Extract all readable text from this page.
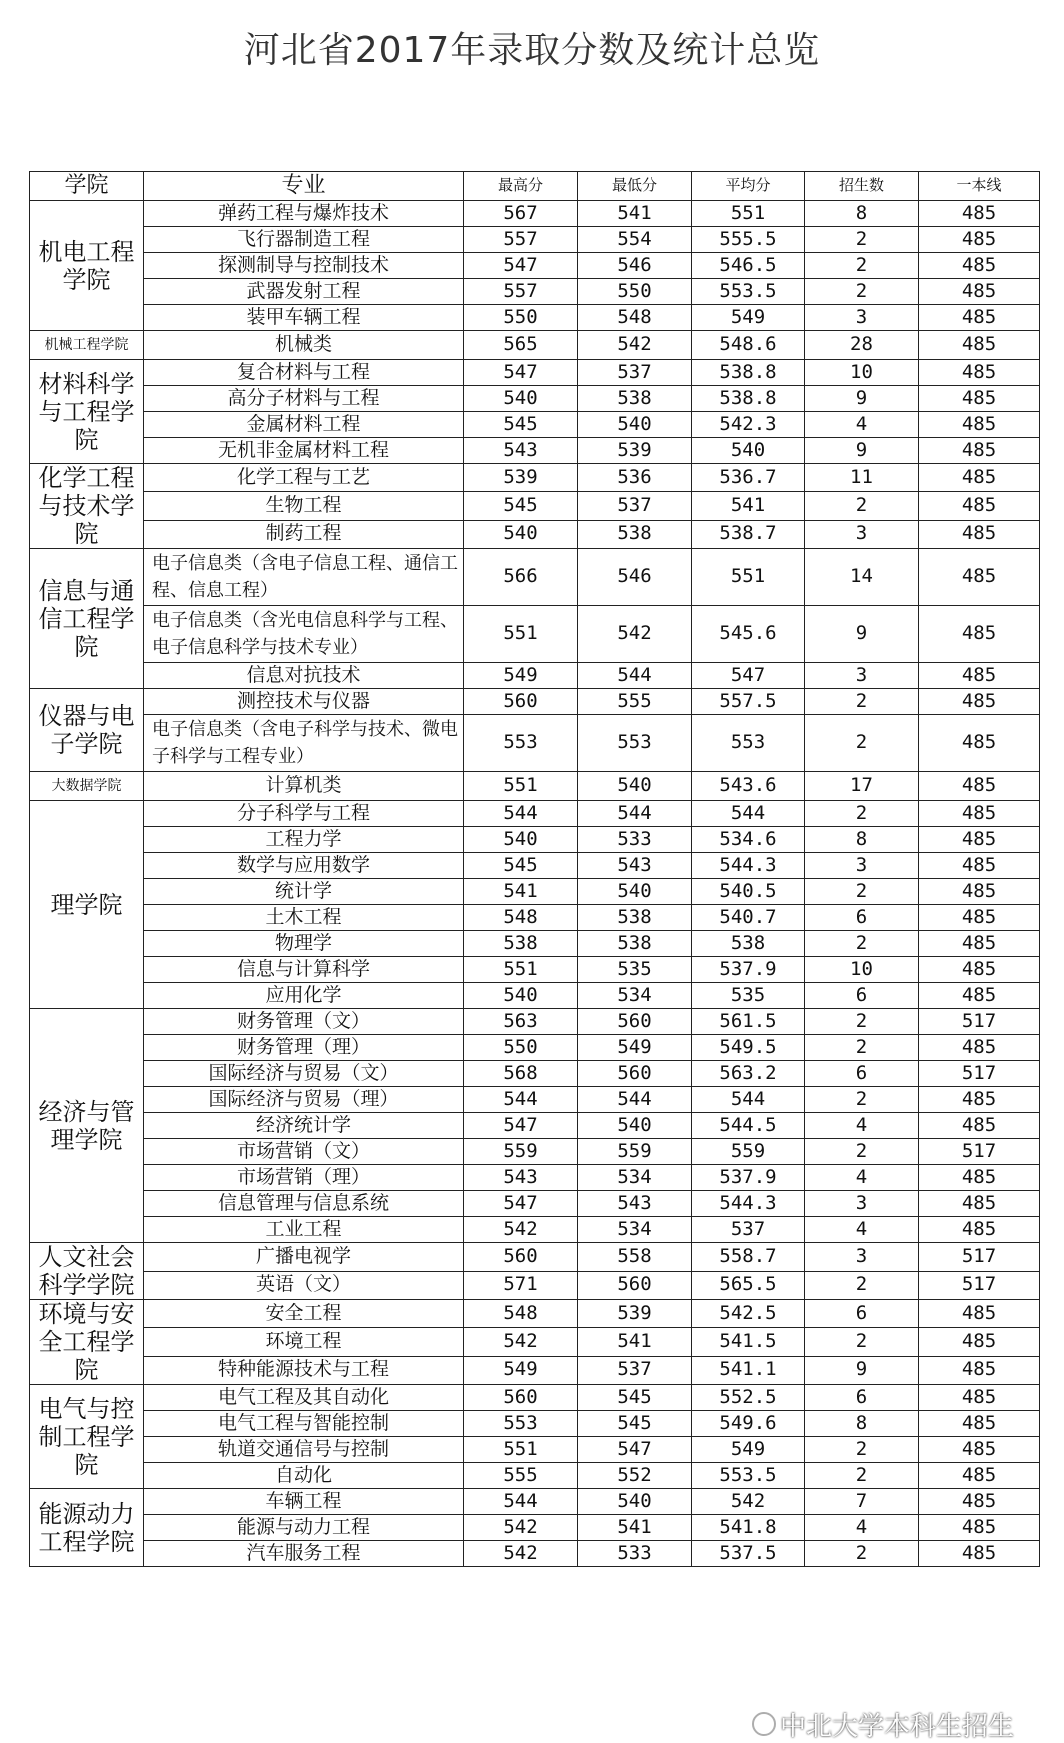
河北省2017年录取分数及统计总览
学院	专业	最高分	最低分	平均分	招生数	一本线
机电工程学院	弹药工程与爆炸技术	567	541	551	8	485
	飞行器制造工程	557	554	555.5	2	485
	探测制导与控制技术	547	546	546.5	2	485
	武器发射工程	557	550	553.5	2	485
	装甲车辆工程	550	548	549	3	485
机械工程学院	机械类	565	542	548.6	28	485
材料科学与工程学院	复合材料与工程	547	537	538.8	10	485
	高分子材料与工程	540	538	538.8	9	485
	金属材料工程	545	540	542.3	4	485
	无机非金属材料工程	543	539	540	9	485
化学工程与技术学院	化学工程与工艺	539	536	536.7	11	485
	生物工程	545	537	541	2	485
	制药工程	540	538	538.7	3	485
信息与通信工程学院	电子信息类（含电子信息工程、通信工程、信息工程）	566	546	551	14	485
	电子信息类（含光电信息科学与工程、电子信息科学与技术专业）	551	542	545.6	9	485
	信息对抗技术	549	544	547	3	485
仪器与电子学院	测控技术与仪器	560	555	557.5	2	485
	电子信息类（含电子科学与技术、微电子科学与工程专业）	553	553	553	2	485
大数据学院	计算机类	551	540	543.6	17	485
理学院	分子科学与工程	544	544	544	2	485
	工程力学	540	533	534.6	8	485
	数学与应用数学	545	543	544.3	3	485
	统计学	541	540	540.5	2	485
	土木工程	548	538	540.7	6	485
	物理学	538	538	538	2	485
	信息与计算科学	551	535	537.9	10	485
	应用化学	540	534	535	6	485
经济与管理学院	财务管理（文）	563	560	561.5	2	517
	财务管理（理）	550	549	549.5	2	485
	国际经济与贸易（文）	568	560	563.2	6	517
	国际经济与贸易（理）	544	544	544	2	485
	经济统计学	547	540	544.5	4	485
	市场营销（文）	559	559	559	2	517
	市场营销（理）	543	534	537.9	4	485
	信息管理与信息系统	547	543	544.3	3	485
	工业工程	542	534	537	4	485
人文社会科学学院	广播电视学	560	558	558.7	3	517
	英语（文）	571	560	565.5	2	517
环境与安全工程学院	安全工程	548	539	542.5	6	485
	环境工程	542	541	541.5	2	485
	特种能源技术与工程	549	537	541.1	9	485
电气与控制工程学院	电气工程及其自动化	560	545	552.5	6	485
	电气工程与智能控制	553	545	549.6	8	485
	轨道交通信号与控制	551	547	549	2	485
	自动化	555	552	553.5	2	485
能源动力工程学院	车辆工程	544	540	542	7	485
	能源与动力工程	542	541	541.8	4	485
	汽车服务工程	542	533	537.5	2	485
中北大学本科生招生
